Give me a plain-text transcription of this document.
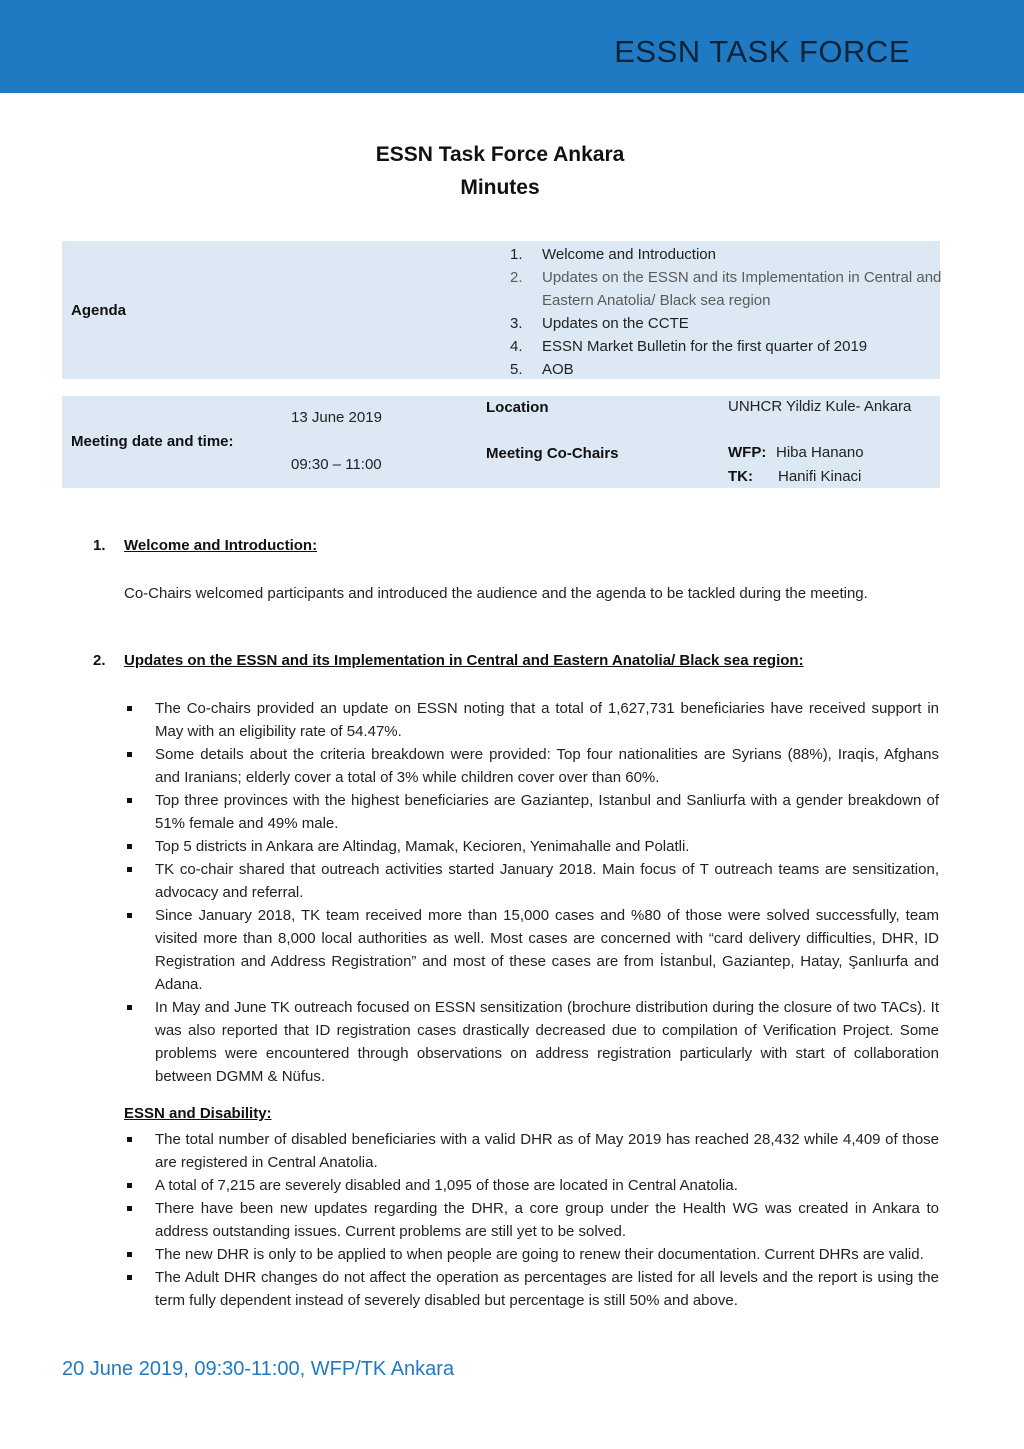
ESSN TASK FORCE
ESSN Task Force Ankara
Minutes
Agenda
1. Welcome and Introduction
2. Updates on the ESSN and its Implementation in Central and Eastern Anatolia/ Black sea region
3. Updates on the CCTE
4. ESSN Market Bulletin for the first quarter of 2019
5. AOB
Meeting date and time:
13 June 2019
09:30 – 11:00
Location	UNHCR Yildiz Kule- Ankara
Meeting Co-Chairs	WFP: Hiba Hanano
TK: Hanifi Kinaci
1. Welcome and Introduction:
Co-Chairs welcomed participants and introduced the audience and the agenda to be tackled during the meeting.
2. Updates on the ESSN and its Implementation in Central and Eastern Anatolia/ Black sea region:
The Co-chairs provided an update on ESSN noting that a total of 1,627,731 beneficiaries have received support in May with an eligibility rate of 54.47%.
Some details about the criteria breakdown were provided: Top four nationalities are Syrians (88%), Iraqis, Afghans and Iranians; elderly cover a total of 3% while children cover over than 60%.
Top three provinces with the highest beneficiaries are Gaziantep, Istanbul and Sanliurfa with a gender breakdown of 51% female and 49% male.
Top 5 districts in Ankara are Altindag, Mamak, Kecioren, Yenimahalle and Polatli.
TK co-chair shared that outreach activities started January 2018. Main focus of T outreach teams are sensitization, advocacy and referral.
Since January 2018, TK team received more than 15,000 cases and %80 of those were solved successfully, team visited more than 8,000 local authorities as well. Most cases are concerned with “card delivery difficulties, DHR, ID Registration and Address Registration” and most of these cases are from İstanbul, Gaziantep, Hatay, Şanlıurfa and Adana.
In May and June TK outreach focused on ESSN sensitization (brochure distribution during the closure of two TACs). It was also reported that ID registration cases drastically decreased due to compilation of Verification Project. Some problems were encountered through observations on address registration particularly with start of collaboration between DGMM & Nüfus.
ESSN and Disability:
The total number of disabled beneficiaries with a valid DHR as of May 2019 has reached 28,432 while 4,409 of those are registered in Central Anatolia.
A total of 7,215 are severely disabled and 1,095 of those are located in Central Anatolia.
There have been new updates regarding the DHR, a core group under the Health WG was created in Ankara to address outstanding issues. Current problems are still yet to be solved.
The new DHR is only to be applied to when people are going to renew their documentation. Current DHRs are valid.
The Adult DHR changes do not affect the operation as percentages are listed for all levels and the report is using the term fully dependent instead of severely disabled but percentage is still 50% and above.
20 June 2019, 09:30-11:00, WFP/TK Ankara
